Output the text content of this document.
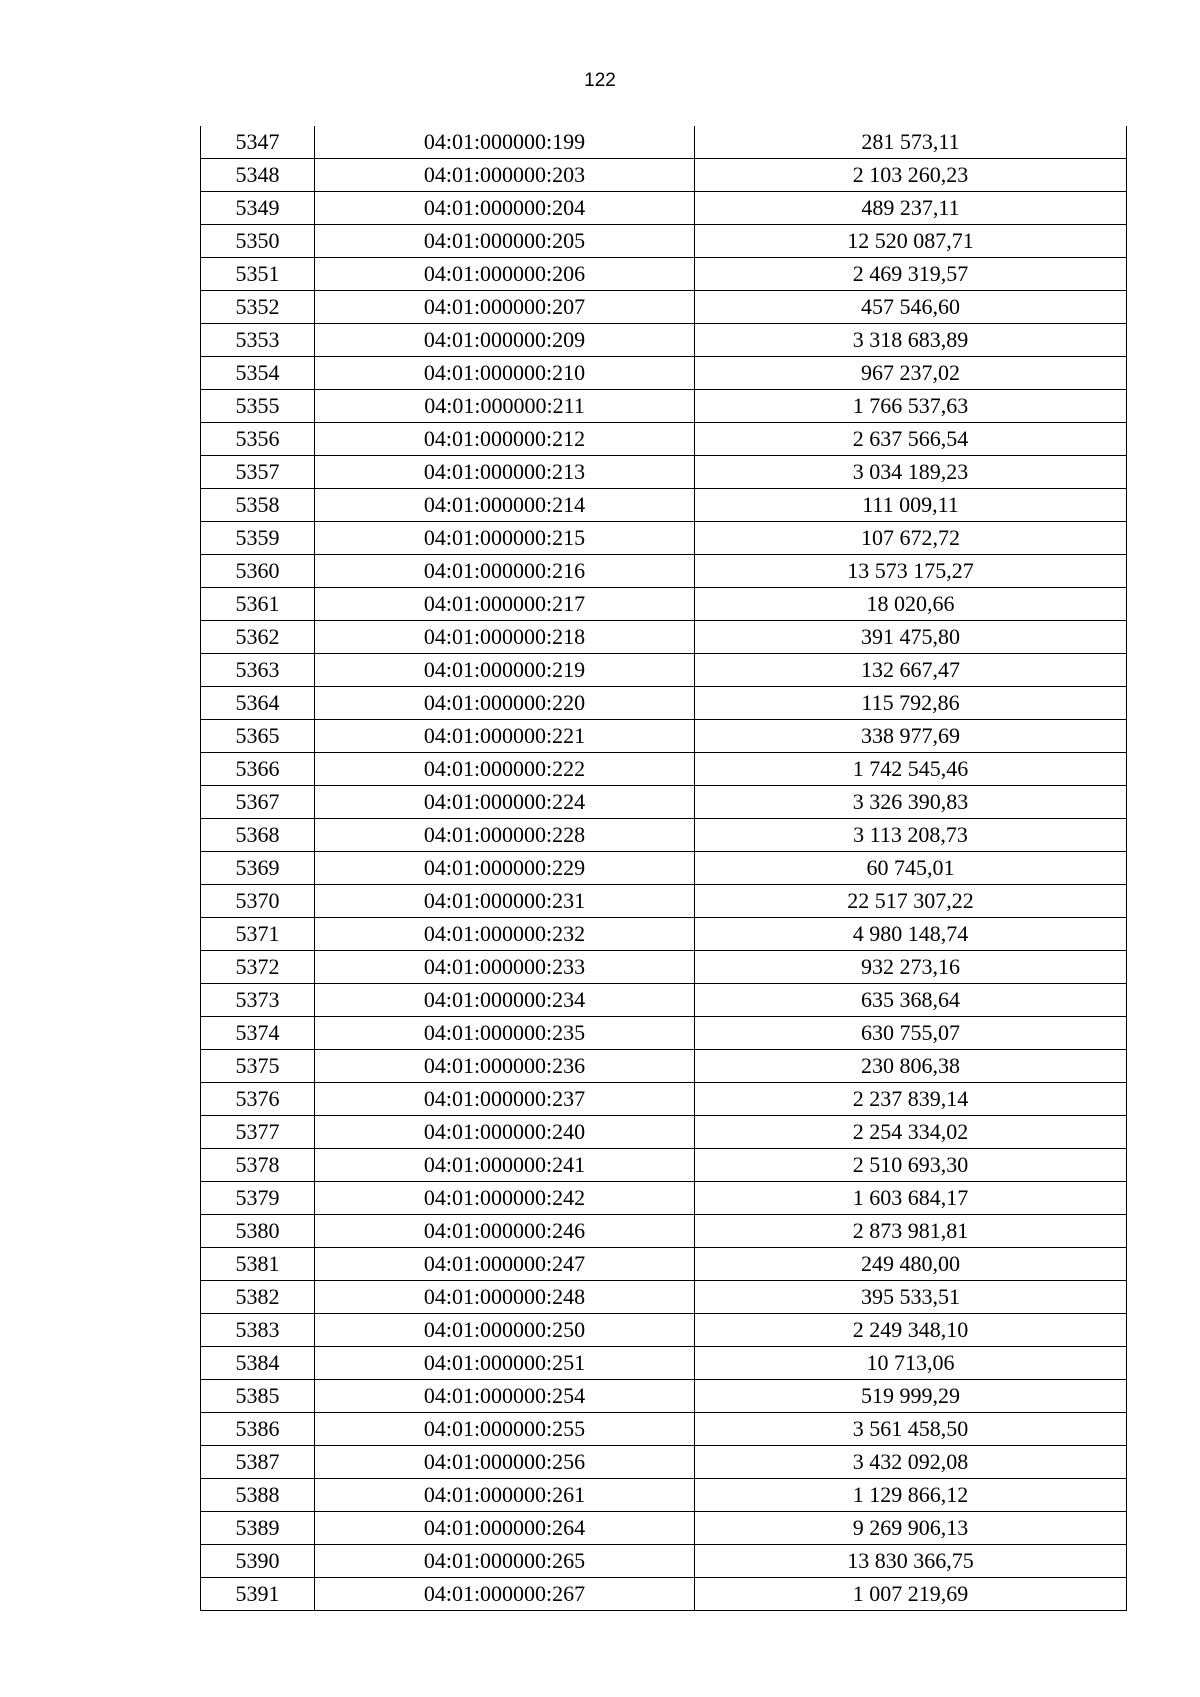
122
5347	04:01:000000:199	281 573,11
5348	04:01:000000:203	2 103 260,23
5349	04:01:000000:204	489 237,11
5350	04:01:000000:205	12 520 087,71
5351	04:01:000000:206	2 469 319,57
5352	04:01:000000:207	457 546,60
5353	04:01:000000:209	3 318 683,89
5354	04:01:000000:210	967 237,02
5355	04:01:000000:211	1 766 537,63
5356	04:01:000000:212	2 637 566,54
5357	04:01:000000:213	3 034 189,23
5358	04:01:000000:214	111 009,11
5359	04:01:000000:215	107 672,72
5360	04:01:000000:216	13 573 175,27
5361	04:01:000000:217	18 020,66
5362	04:01:000000:218	391 475,80
5363	04:01:000000:219	132 667,47
5364	04:01:000000:220	115 792,86
5365	04:01:000000:221	338 977,69
5366	04:01:000000:222	1 742 545,46
5367	04:01:000000:224	3 326 390,83
5368	04:01:000000:228	3 113 208,73
5369	04:01:000000:229	60 745,01
5370	04:01:000000:231	22 517 307,22
5371	04:01:000000:232	4 980 148,74
5372	04:01:000000:233	932 273,16
5373	04:01:000000:234	635 368,64
5374	04:01:000000:235	630 755,07
5375	04:01:000000:236	230 806,38
5376	04:01:000000:237	2 237 839,14
5377	04:01:000000:240	2 254 334,02
5378	04:01:000000:241	2 510 693,30
5379	04:01:000000:242	1 603 684,17
5380	04:01:000000:246	2 873 981,81
5381	04:01:000000:247	249 480,00
5382	04:01:000000:248	395 533,51
5383	04:01:000000:250	2 249 348,10
5384	04:01:000000:251	10 713,06
5385	04:01:000000:254	519 999,29
5386	04:01:000000:255	3 561 458,50
5387	04:01:000000:256	3 432 092,08
5388	04:01:000000:261	1 129 866,12
5389	04:01:000000:264	9 269 906,13
5390	04:01:000000:265	13 830 366,75
5391	04:01:000000:267	1 007 219,69
